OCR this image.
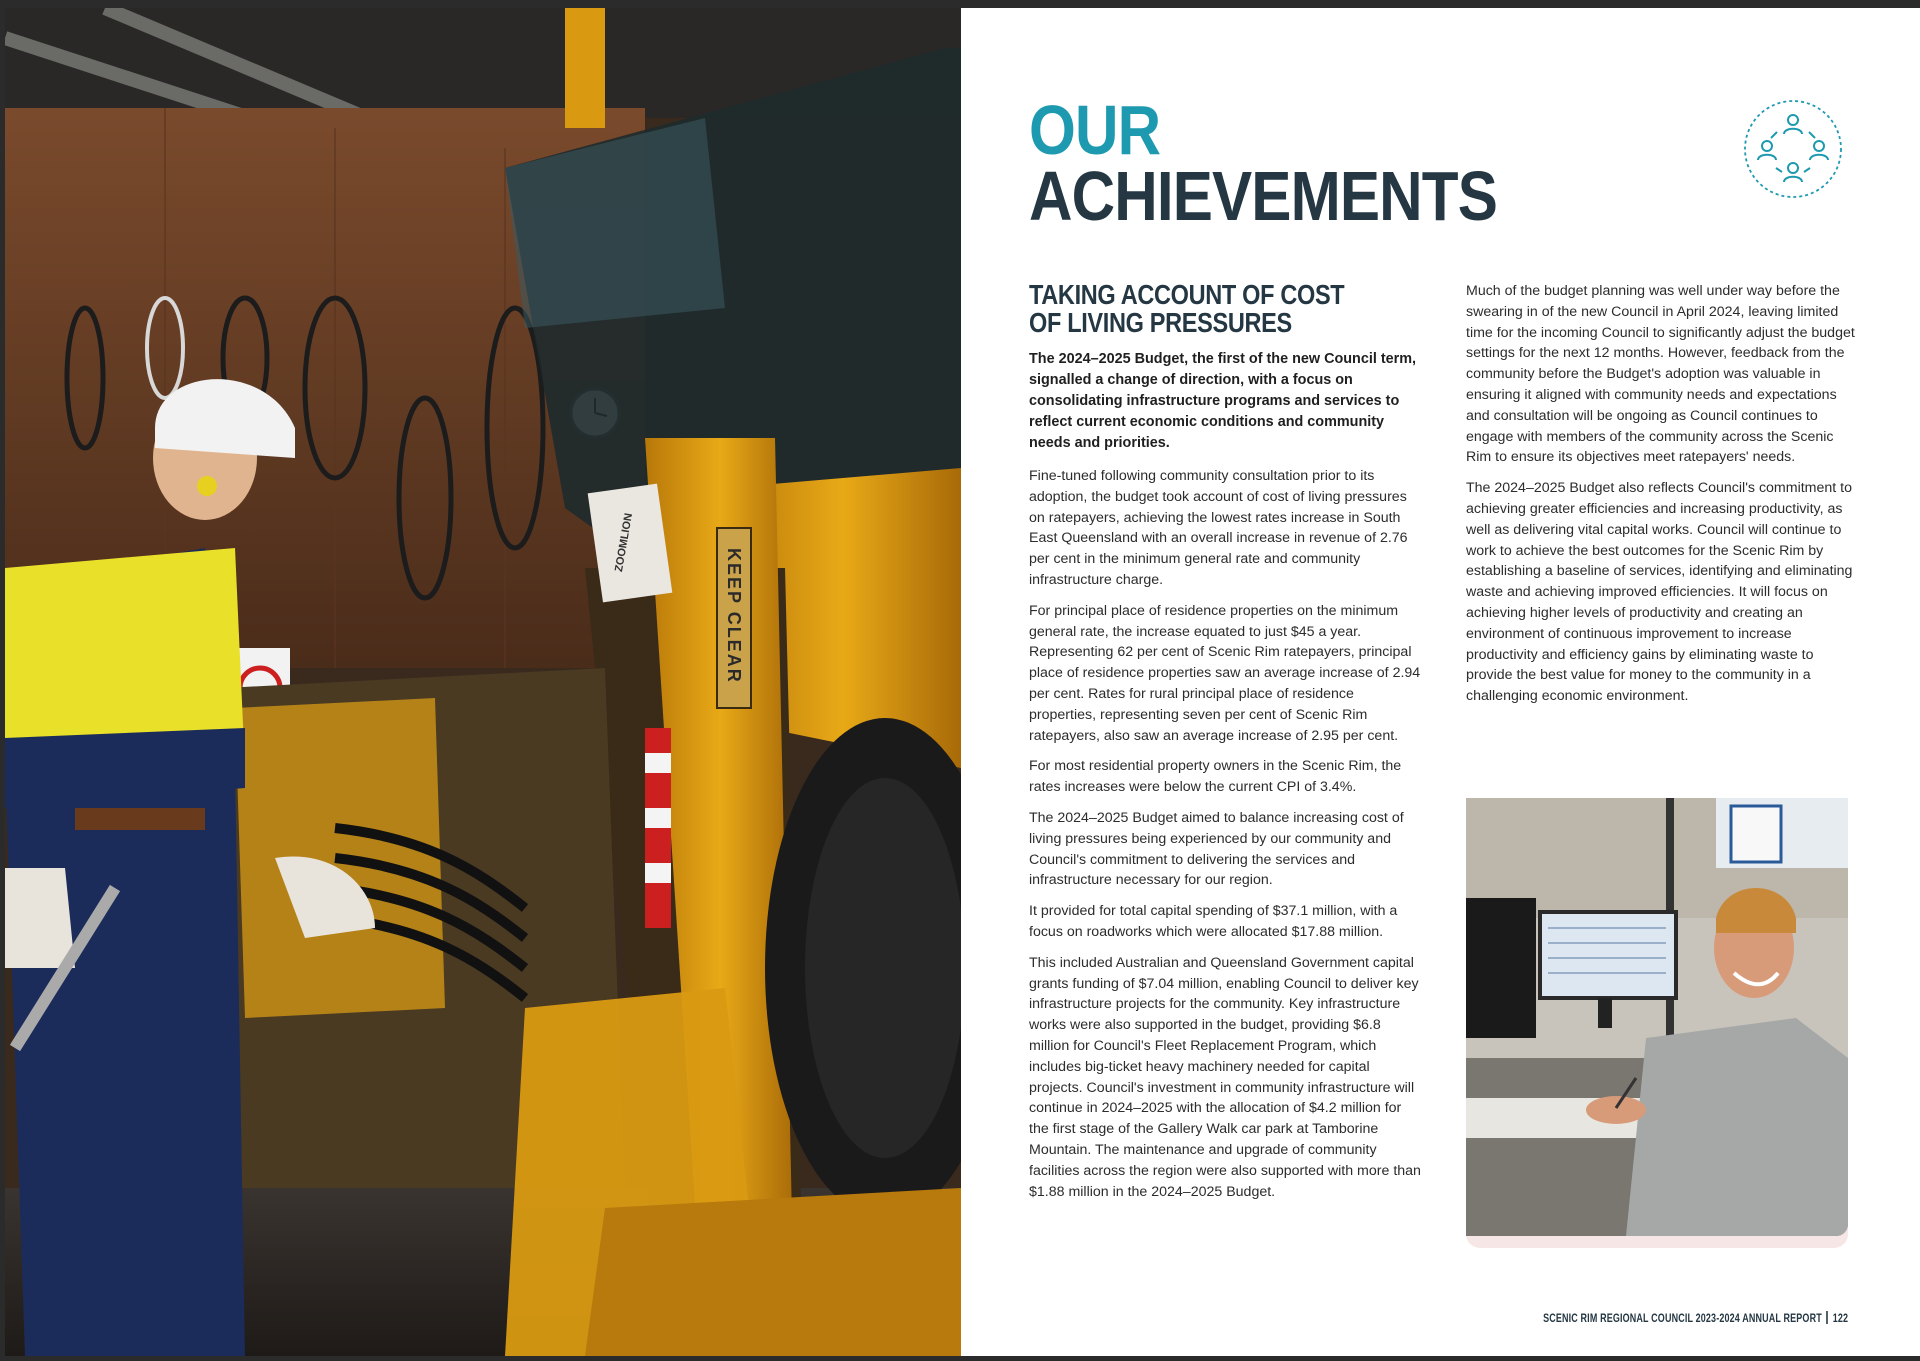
KEEP CLEAR
ZOOMLION
OUR
ACHIEVEMENTS
TAKING ACCOUNT OF COST
OF LIVING PRESSURES

The 2024–2025 Budget, the first of the new Council term, signalled a change of direction, with a focus on consolidating infrastructure programs and services to reflect current economic conditions and community needs and priorities.

Fine-tuned following community consultation prior to its adoption, the budget took account of cost of living pressures on ratepayers, achieving the lowest rates increase in South East Queensland with an overall increase in revenue of 2.76 per cent in the minimum general rate and community infrastructure charge.

For principal place of residence properties on the minimum general rate, the increase equated to just $45 a year. Representing 62 per cent of Scenic Rim ratepayers, principal place of residence properties saw an average increase of 2.94 per cent. Rates for rural principal place of residence properties, representing seven per cent of Scenic Rim ratepayers, also saw an average increase of 2.95 per cent.

For most residential property owners in the Scenic Rim, the rates increases were below the current CPI of 3.4%.

The 2024–2025 Budget aimed to balance increasing cost of living pressures being experienced by our community and Council's commitment to delivering the services and infrastructure necessary for our region.

It provided for total capital spending of $37.1 million, with a focus on roadworks which were allocated $17.88 million.

This included Australian and Queensland Government capital grants funding of $7.04 million, enabling Council to deliver key infrastructure projects for the community. Key infrastructure works were also supported in the budget, providing $6.8 million for Council's Fleet Replacement Program, which includes big-ticket heavy machinery needed for capital projects. Council's investment in community infrastructure will continue in 2024–2025 with the allocation of $4.2 million for the first stage of the Gallery Walk car park at Tamborine Mountain. The maintenance and upgrade of community facilities across the region were also supported with more than $1.88 million in the 2024–2025 Budget.

Much of the budget planning was well under way before the swearing in of the new Council in April 2024, leaving limited time for the incoming Council to significantly adjust the budget settings for the next 12 months. However, feedback from the community before the Budget's adoption was valuable in ensuring it aligned with community needs and expectations and consultation will be ongoing as Council continues to engage with members of the community across the Scenic Rim to ensure its objectives meet ratepayers' needs.

The 2024–2025 Budget also reflects Council's commitment to achieving greater efficiencies and increasing productivity, as well as delivering vital capital works. Council will continue to work to achieve the best outcomes for the Scenic Rim by establishing a baseline of services, identifying and eliminating waste and achieving improved efficiencies. It will focus on achieving higher levels of productivity and creating an environment of continuous improvement to increase productivity and efficiency gains by eliminating waste to provide the best value for money to the community in a challenging economic environment.

SCENIC RIM REGIONAL COUNCIL 2023-2024 ANNUAL REPORT 122
